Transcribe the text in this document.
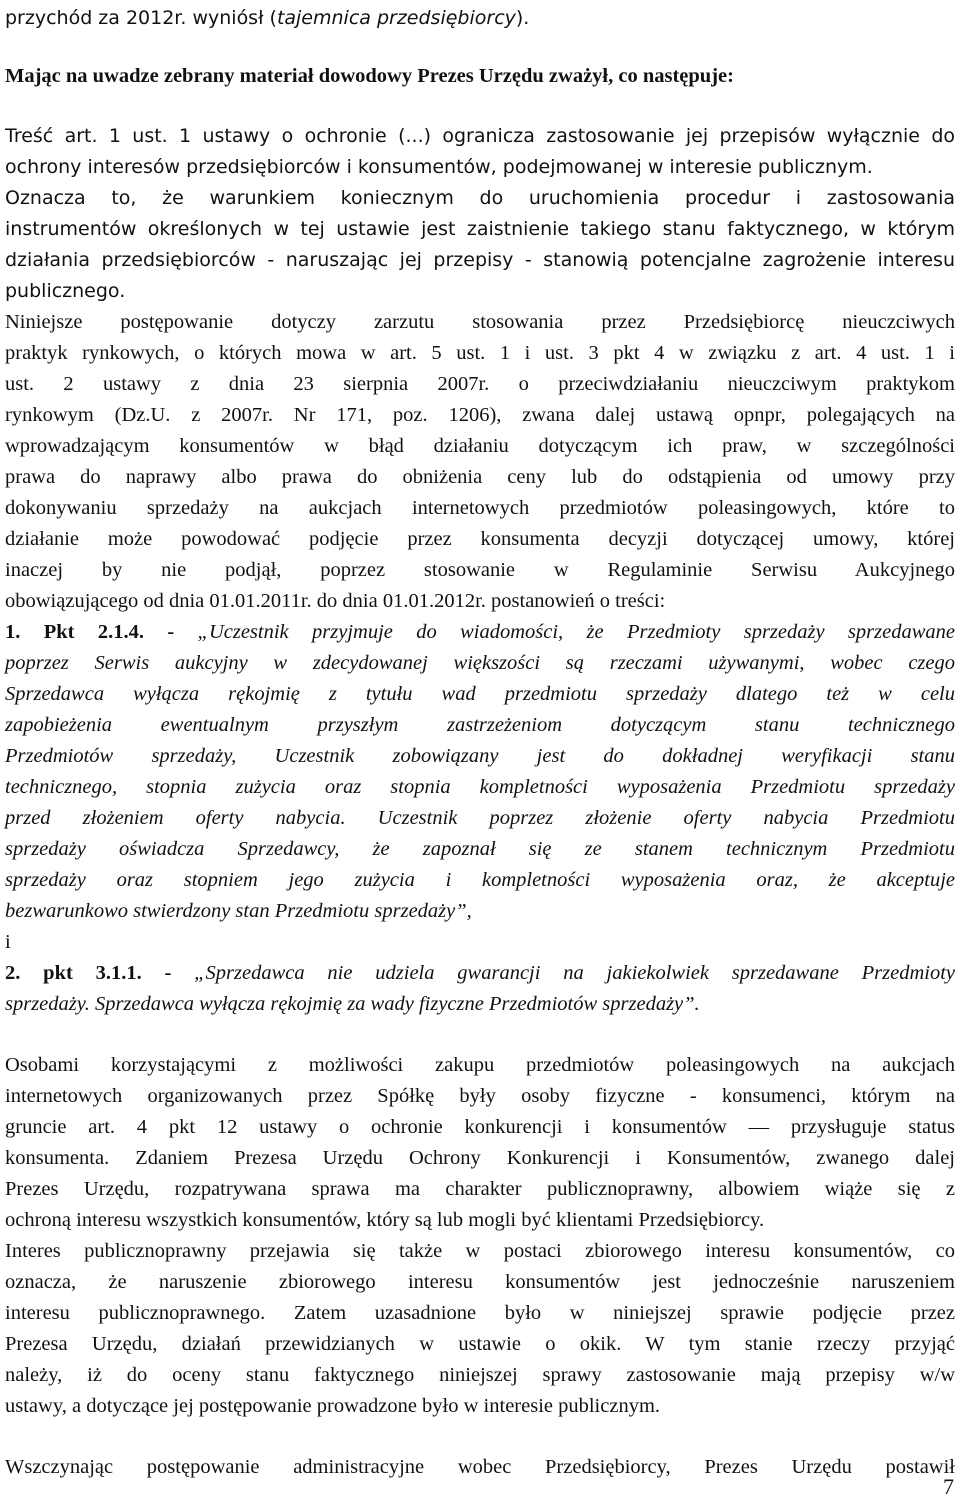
przychód za 2012r. wyniósł (tajemnica przedsiębiorcy).
Mając na uwadze zebrany materiał dowodowy Prezes Urzędu zważył, co następuje:
Treść art. 1 ust. 1 ustawy o ochronie (...) ogranicza zastosowanie jej przepisów wyłącznie do
ochrony interesów przedsiębiorców i konsumentów, podejmowanej w interesie publicznym.
Oznacza to, że warunkiem koniecznym do uruchomienia procedur i zastosowania
instrumentów określonych w tej ustawie jest zaistnienie takiego stanu faktycznego, w którym
działania przedsiębiorców - naruszając jej przepisy - stanowią potencjalne zagrożenie interesu
publicznego.
Niniejsze postępowanie dotyczy zarzutu stosowania przez Przedsiębiorcę nieuczciwych
praktyk rynkowych, o których mowa w art. 5 ust. 1 i ust. 3 pkt 4 w związku z art. 4 ust. 1 i
ust. 2 ustawy z dnia 23 sierpnia 2007r. o przeciwdziałaniu nieuczciwym praktykom
rynkowym (Dz.U. z 2007r. Nr 171, poz. 1206), zwana dalej ustawą opnpr, polegających na
wprowadzającym konsumentów w błąd działaniu dotyczącym ich praw, w szczególności
prawa do naprawy albo prawa do obniżenia ceny lub do odstąpienia od umowy przy
dokonywaniu sprzedaży na aukcjach internetowych przedmiotów poleasingowych, które to
działanie może powodować podjęcie przez konsumenta decyzji dotyczącej umowy, której
inaczej by nie podjął, poprzez stosowanie w Regulaminie Serwisu Aukcyjnego
obowiązującego od dnia 01.01.2011r. do dnia 01.01.2012r. postanowień o treści:
1. Pkt 2.1.4. - „Uczestnik przyjmuje do wiadomości, że Przedmioty sprzedaży sprzedawane
poprzez Serwis aukcyjny w zdecydowanej większości są rzeczami używanymi, wobec czego
Sprzedawca wyłącza rękojmię z tytułu wad przedmiotu sprzedaży dlatego też w celu
zapobieżenia ewentualnym przyszłym zastrzeżeniom dotyczącym stanu technicznego
Przedmiotów sprzedaży, Uczestnik zobowiązany jest do dokładnej weryfikacji stanu
technicznego, stopnia zużycia oraz stopnia kompletności wyposażenia Przedmiotu sprzedaży
przed złożeniem oferty nabycia. Uczestnik poprzez złożenie oferty nabycia Przedmiotu
sprzedaży oświadcza Sprzedawcy, że zapoznał się ze stanem technicznym Przedmiotu
sprzedaży oraz stopniem jego zużycia i kompletności wyposażenia oraz, że akceptuje
bezwarunkowo stwierdzony stan Przedmiotu sprzedaży”,
i
2. pkt 3.1.1. - „Sprzedawca nie udziela gwarancji na jakiekolwiek sprzedawane Przedmioty
sprzedaży. Sprzedawca wyłącza rękojmię za wady fizyczne Przedmiotów sprzedaży”.
Osobami korzystającymi z możliwości zakupu przedmiotów poleasingowych na aukcjach
internetowych organizowanych przez Spółkę były osoby fizyczne - konsumenci, którym na
gruncie art. 4 pkt 12 ustawy o ochronie konkurencji i konsumentów — przysługuje status
konsumenta. Zdaniem Prezesa Urzędu Ochrony Konkurencji i Konsumentów, zwanego dalej
Prezes Urzędu, rozpatrywana sprawa ma charakter publicznoprawny, albowiem wiąże się z
ochroną interesu wszystkich konsumentów, który są lub mogli być klientami Przedsiębiorcy.
Interes publicznoprawny przejawia się także w postaci zbiorowego interesu konsumentów, co
oznacza, że naruszenie zbiorowego interesu konsumentów jest jednocześnie naruszeniem
interesu publicznoprawnego. Zatem uzasadnione było w niniejszej sprawie podjęcie przez
Prezesa Urzędu, działań przewidzianych w ustawie o okik. W tym stanie rzeczy przyjąć
należy, iż do oceny stanu faktycznego niniejszej sprawy zastosowanie mają przepisy w/w
ustawy, a dotyczące jej postępowanie prowadzone było w interesie publicznym.
Wszczynając postępowanie administracyjne wobec Przedsiębiorcy, Prezes Urzędu postawił
7
